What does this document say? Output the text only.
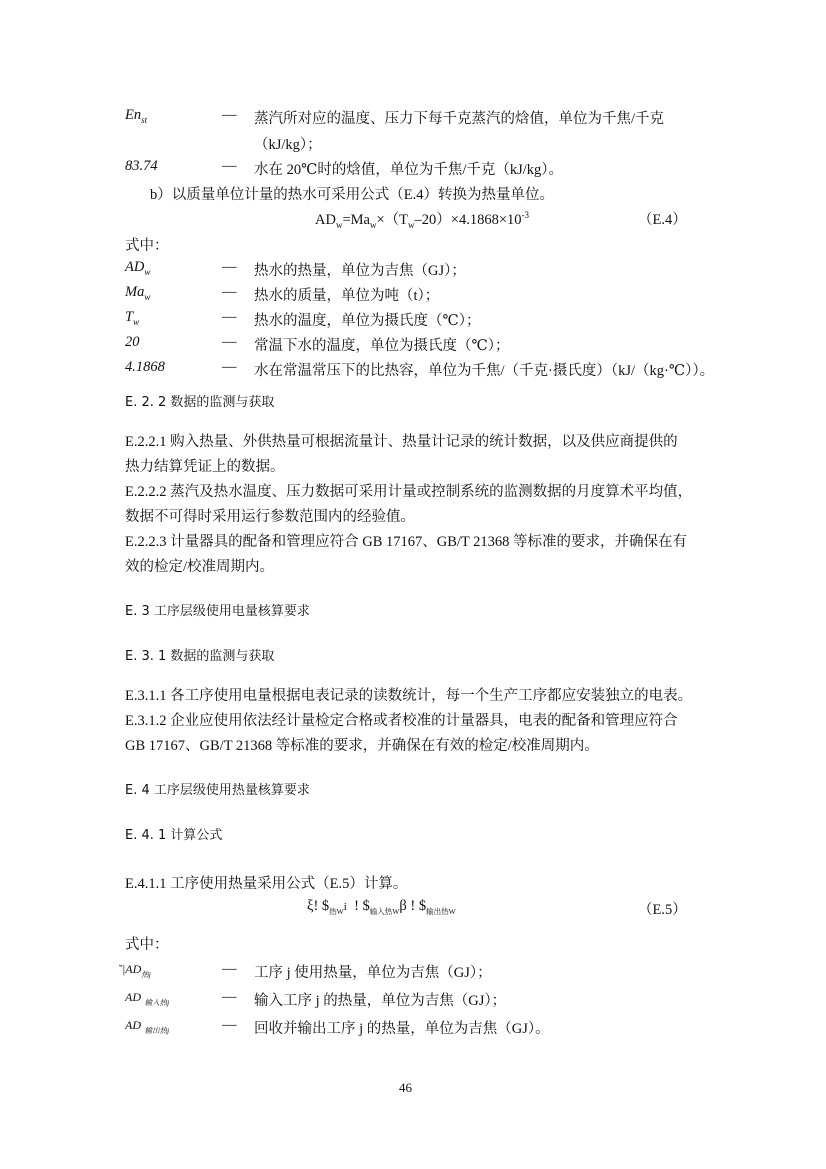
$En_{st}$	— 蒸汽所对应的温度、压力下每千克蒸汽的焓值，单位为千焦/千克
（kJ/kg）；
83.74	— 水在 20℃时的焓值，单位为千焦/千克（kJ/kg）。
b）以质量单位计量的热水可采用公式（E.4）转换为热量单位。
$AD_w=Ma_w\times(T_w-20)\times 4.1868\times 10^{-3}$	（E.4）
式中：
$AD_w$	— 热水的热量，单位为吉焦（GJ）；
$Ma_w$	— 热水的质量，单位为吨（t）；
$T_w$	— 热水的温度，单位为摄氏度（℃）；
20	— 常温下水的温度，单位为摄氏度（℃）；
4.1868	— 水在常温常压下的比热容，单位为千焦/（千克·摄氏度）（kJ/（kg·℃））。
E. 2. 2 数据的监测与获取
E.2.2.1 购入热量、外供热量可根据流量计、热量计记录的统计数据，以及供应商提供的
热力结算凭证上的数据。
E.2.2.2 蒸汽及热水温度、压力数据可采用计量或控制系统的监测数据的月度算术平均值，
数据不可得时采用运行参数范围内的经验值。
E.2.2.3 计量器具的配备和管理应符合 GB 17167、GB/T 21368 等标准的要求，并确保在有
效的检定/校准周期内。
E. 3 工序层级使用电量核算要求
E. 3. 1 数据的监测与获取
E.3.1.1 各工序使用电量根据电表记录的读数统计，每一个生产工序都应安装独立的电表。
E.3.1.2 企业应使用依法经计量检定合格或者校准的计量器具，电表的配备和管理应符合
GB 17167、GB/T 21368 等标准的要求，并确保在有效的检定/校准周期内。
E. 4 工序层级使用热量核算要求
E. 4. 1 计算公式
E.4.1.1 工序使用热量采用公式（E.5）计算。
ξ! $\$_{热W}i$  ! $\$_{输入热W}\beta$ ! $\$_{输出热W}$	（E.5）
式中：
$ˇ|AD_{热j}$	— 工序 j 使用热量，单位为吉焦（GJ）；
AD $_{输入热j}$	— 输入工序 j 的热量，单位为吉焦（GJ）；
AD $_{输出热j}$	— 回收并输出工序 j 的热量，单位为吉焦（GJ）。
46
